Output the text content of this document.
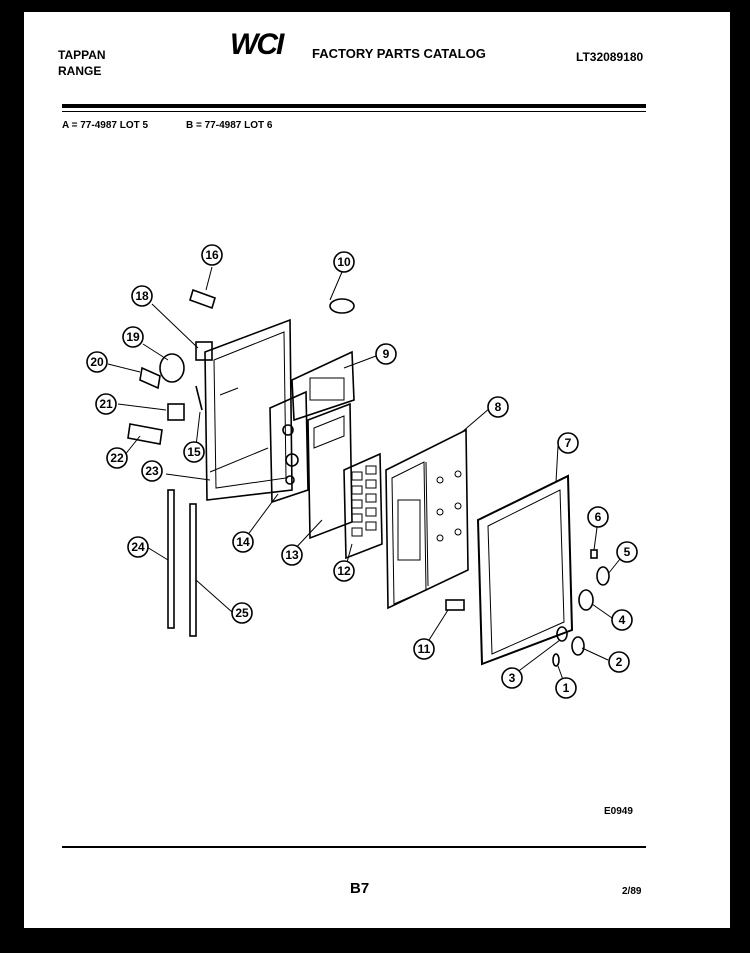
TAPPAN
RANGE
WCI FACTORY PARTS CATALOG	LT32089180
A = 77-4987 LOT 5	B = 77-4987 LOT 6
1
2
3
4
5
6
7
8
9
10
11
12
13
14
15
16
18
19
20
21
22
23
24
25
E0949
B7	2/89
